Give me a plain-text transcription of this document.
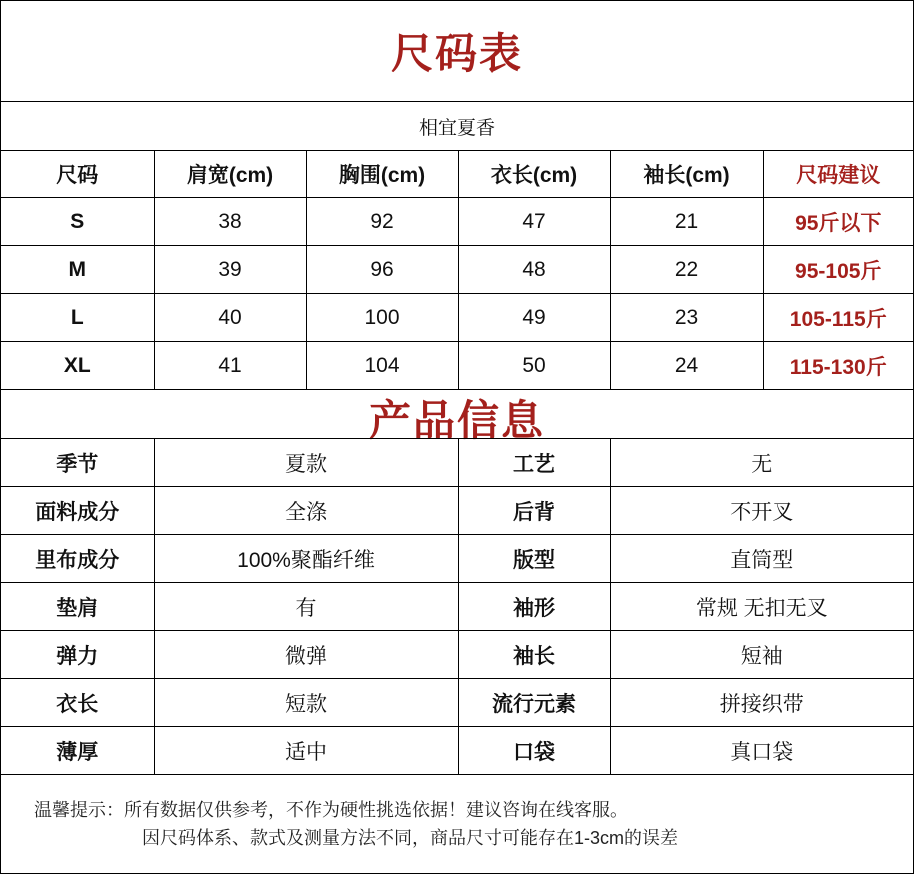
尺码表
相宜夏香
尺码	肩宽(cm)	胸围(cm)	衣长(cm)	袖长(cm)	尺码建议
S	38	92	47	21	95斤以下
M	39	96	48	22	95-105斤
L	40	100	49	23	105-115斤
XL	41	104	50	24	115-130斤
产品信息
季节	夏款	工艺	无
面料成分	全涤	后背	不开叉
里布成分	100%聚酯纤维	版型	直筒型
垫肩	有	袖形	常规 无扣无叉
弹力	微弹	袖长	短袖
衣长	短款	流行元素	拼接织带
薄厚	适中	口袋	真口袋
温馨提示：所有数据仅供参考，不作为硬性挑选依据！建议咨询在线客服。
因尺码体系、款式及测量方法不同，商品尺寸可能存在1-3cm的误差
